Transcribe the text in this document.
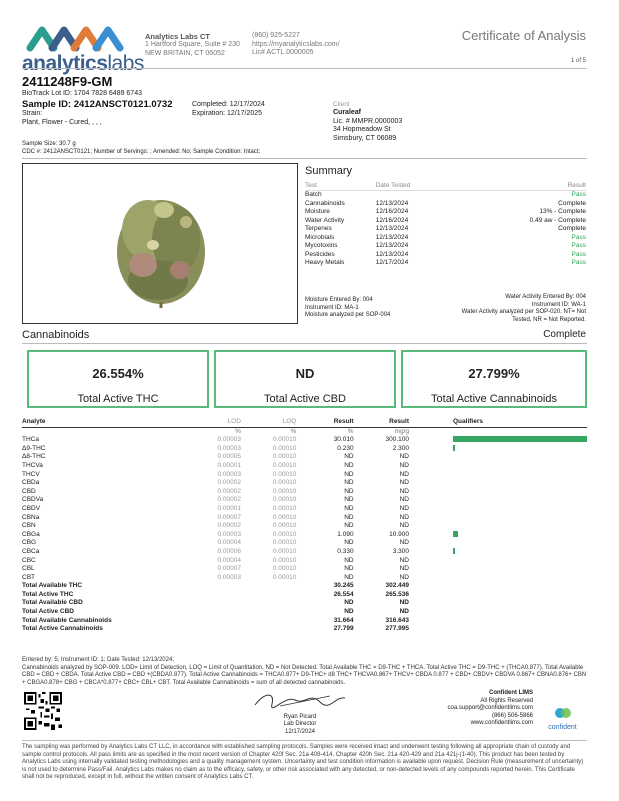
analyticslabs
Analytics Labs CT
1 Hartford Square, Suite # 230
NEW BRITAIN, CT 06052
(860) 925-5227
https://myanalyticslabs.com/
Lic# ACTL.0000005
Certificate of Analysis
1 of 5
2411248F9-GM
BioTrack Lot ID: 1704 7828 6489 6743
Sample ID: 2412ANSCT0121.0732
Strain:
Plant, Flower - Cured, , , ,
Completed: 12/17/2024
Expiration: 12/17/2025
Client
Curaleaf
Lic. # MMPR.0000003
34 Hopmeadow St
Simsbury, CT 06089
Sample Size: 30.7 g
CDC #: 2412ANSCT0121; Number of Servings: ; Amended: No; Sample Condition: Intact;
Summary
Test	Date Tested	Result
Batch		Pass
Cannabinoids	12/13/2024	Complete
Moisture	12/16/2024	13% - Complete
Water Activity	12/16/2024	0.49 aw - Complete
Terpenes	12/13/2024	Complete
Microbials	12/13/2024	Pass
Mycotoxins	12/13/2024	Pass
Pesticides	12/13/2024	Pass
Heavy Metals	12/17/2024	Pass
Moisture Entered By: 004
Instrument ID: MA-1
Moisture analyzed per SOP-004
Water Activity Entered By: 004
Instrument ID: WA-1
Water Activity analyzed per SOP-020. NT= Not
Tested, NR = Not Reported.
Cannabinoids	Complete
26.554%
Total Active THC
ND
Total Active CBD
27.799%
Total Active Cannabinoids
Analyte	LOD	LOQ	Result	Result	Qualifiers
	%	%	%	mg/g	
THCa	0.00003	0.00010	30.010	300.100	
Δ9-THC	0.00003	0.00010	0.230	2.300	
Δ8-THC	0.00005	0.00010	ND	ND	
THCVa	0.00001	0.00010	ND	ND	
THCV	0.00003	0.00010	ND	ND	
CBDa	0.00002	0.00010	ND	ND	
CBD	0.00002	0.00010	ND	ND	
CBDVa	0.00002	0.00010	ND	ND	
CBDV	0.00001	0.00010	ND	ND	
CBNa	0.00007	0.00010	ND	ND	
CBN	0.00002	0.00010	ND	ND	
CBGa	0.00003	0.00010	1.090	10.900	
CBG	0.00004	0.00010	ND	ND	
CBCa	0.00006	0.00010	0.330	3.300	
CBC	0.00004	0.00010	ND	ND	
CBL	0.00007	0.00010	ND	ND	
CBT	0.00003	0.00010	ND	ND	
Total Available THC			30.245	302.449	
Total Active THC			26.554	265.536	
Total Available CBD			ND	ND	
Total Active CBD			ND	ND	
Total Available Cannabinoids			31.664	316.643	
Total Active Cannabinoids			27.799	277.995	
Entered by: 5; Instrument ID: 1; Date Tested: 12/13/2024;
Cannabinoids analyzed by SOP-009. LOD= Limit of Detection, LOQ = Limit of Quantitation, ND = Not Detected. Total Available THC = D9-THC + THCA. Total Active THC = D9-THC + (THCA0.877). Total Available CBD = CBD + CBDA. Total Active CBD = CBD +(CBDA0.877). Total Active Cannabinoids = THCA0.877+ D9-THC+ d8 THC+ THCVA0.867+ THCV+ CBDA 0.877 + CBD+ CBDV+ CBDVA 0.867+ CBNA0.876+ CBN + CBGA0.878+ CBG + CBCA*0.877+ CBC+ CBL+ CBT. Total Available Cannabinoids = sum of all detected cannabinoids.
Ryan Picard
Lab Director
12/17/2024
Confident LIMS
All Rights Reserved
coa.support@confidentlims.com
(866) 506-5866
www.confidentlims.com
confident
The sampling was performed by Analytics Labs CT LLC, in accordance with established sampling protocols. Samples were received intact and underwent testing following all appropriate chain of custody and sample control protocols. All pass limits are as specified in the most recent version of Chapter 420f Sec. 21a 408-414, Chapter 420h Sec. 21a 420-429 and 21a 421j-(1-40). This product has been tested by Analytics Labs using internally validated testing methodologies and a quality management system. Uncertainty and test condition information is available upon request. Decision Rule (measurement of uncertainty) is not used to determine Pass/Fail. Analytics Labs makes no claim as to the efficacy, safety, or other risk associated with any detected, or non-detected levels of any compounds reported herein. This Certificate shall not be reproduced, except in full, without the written consent of Analytics Labs CT.
